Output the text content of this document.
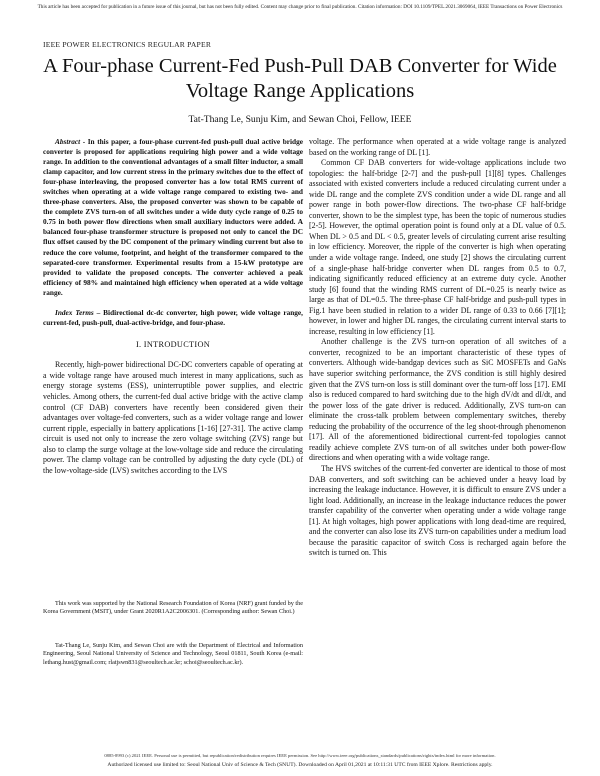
This article has been accepted for publication in a future issue of this journal, but has not been fully edited. Content may change prior to final publication. Citation information: DOI 10.1109/TPEL.2021.3069064, IEEE Transactions on Power Electronics
IEEE POWER ELECTRONICS REGULAR PAPER
A Four-phase Current-Fed Push-Pull DAB Converter for Wide Voltage Range Applications
Tat-Thang Le, Sunju Kim, and Sewan Choi, Fellow, IEEE

Abstract - In this paper, a four-phase current-fed push-pull dual active bridge converter is proposed for applications requiring high power and a wide voltage range. In addition to the conventional advantages of a small filter inductor, a small clamp capacitor, and low current stress in the primary switches due to the effect of four-phase interleaving, the proposed converter has a low total RMS current of switches when operating at a wide voltage range compared to existing two- and three-phase converters. Also, the proposed converter was shown to be capable of the complete ZVS turn-on of all switches under a wide duty cycle range of 0.25 to 0.75 in both power flow directions when small auxiliary inductors were added. A balanced four-phase transformer structure is proposed not only to cancel the DC flux offset caused by the DC component of the primary winding current but also to reduce the core volume, footprint, and height of the transformer compared to the separated-core transformer. Experimental results from a 15-kW prototype are provided to validate the proposed concepts. The converter achieved a peak efficiency of 98% and maintained high efficiency when operated at a wide voltage range.

Index Terms – Bidirectional dc-dc converter, high power, wide voltage range, current-fed, push-pull, dual-active-bridge, and four-phase.

I. INTRODUCTION

Recently, high-power bidirectional DC-DC converters capable of operating at a wide voltage range have aroused much interest in many applications, such as energy storage systems (ESS), uninterruptible power supplies, and electric vehicles. Among others, the current-fed dual active bridge with the active clamp control (CF DAB) converters have recently been considered given their advantages over voltage-fed converters, such as a wider voltage range and lower current ripple, especially in battery applications [1-16] [27-31]. The active clamp circuit is used not only to increase the zero voltage switching (ZVS) range but also to clamp the surge voltage at the low-voltage side and reduce the circulating power. The clamp voltage can be controlled by adjusting the duty cycle (DL) of the low-voltage-side (LVS) switches according to the LVS

This work was supported by the National Research Foundation of Korea (NRF) grant funded by the Korea Government (MSIT), under Grant 2020R1A2C2006301. (Corresponding author: Sewan Choi.)
Tat-Thang Le, Sunju Kim, and Sewan Choi are with the Department of Electrical and Information Engineering, Seoul National University of Science and Technology, Seoul 01811, South Korea (e-mail: lethang.hust@gmail.com; rlatjswn831@seoultech.ac.kr; schoi@seoultech.ac.kr).

voltage. The performance when operated at a wide voltage range is analyzed based on the working range of DL [1].

Common CF DAB converters for wide-voltage applications include two topologies: the half-bridge [2-7] and the push-pull [1][8] types. Challenges associated with existed converters include a reduced circulating current under a wide DL range and the complete ZVS condition under a wide DL range and all power range in both power-flow directions. The two-phase CF half-bridge converter, shown to be the simplest type, has been the topic of numerous studies [2-5]. However, the optimal operation point is found only at a DL value of 0.5. When DL > 0.5 and DL < 0.5, greater levels of circulating current arise resulting in low efficiency. Moreover, the ripple of the converter is high when operating under a wide voltage range. Indeed, one study [2] shows the circulating current of a single-phase half-bridge converter when DL ranges from 0.5 to 0.7, indicating significantly reduced efficiency at an extreme duty cycle. Another study [6] found that the winding RMS current of DL=0.25 is nearly twice as large as that of DL=0.5. The three-phase CF half-bridge and push-pull types in Fig.1 have been studied in relation to a wider DL range of 0.33 to 0.66 [7][1]; however, in lower and higher DL ranges, the circulating current interval starts to increase, resulting in low efficiency [1].

Another challenge is the ZVS turn-on operation of all switches of a converter, recognized to be an important characteristic of these types of converters. Although wide-bandgap devices such as SiC MOSFETs and GaNs have superior switching performance, the ZVS condition is still highly desired given that the ZVS turn-on loss is still dominant over the turn-off loss [17]. EMI also is reduced compared to hard switching due to the high dV/dt and dI/dt, and the power loss of the gate driver is reduced. Additionally, ZVS turn-on can eliminate the cross-talk problem between complementary switches, thereby reducing the probability of the occurrence of the leg shoot-through phenomenon [17]. All of the aforementioned bidirectional current-fed topologies cannot readily achieve complete ZVS turn-on of all switches under both power-flow directions and when operating with a wide voltage range.

The HVS switches of the current-fed converter are identical to those of most DAB converters, and soft switching can be achieved under a heavy load by increasing the leakage inductance. However, it is difficult to ensure ZVS under a light load. Additionally, an increase in the leakage inductance reduces the power transfer capability of the converter when operating under a wide voltage range [1]. At high voltages, high power applications with long dead-time are required, and the converter can also lose its ZVS turn-on capabilities under a medium load because the parasitic capacitor of switch Coss is recharged again before the switch is turned on. This

0885-8993 (c) 2021 IEEE. Personal use is permitted, but republication/redistribution requires IEEE permission. See http://www.ieee.org/publications_standards/publications/rights/index.html for more information.
Authorized licensed use limited to: Seoul National Univ of Science & Tech (SNUT). Downloaded on April 01,2021 at 10:11:31 UTC from IEEE Xplore. Restrictions apply.
